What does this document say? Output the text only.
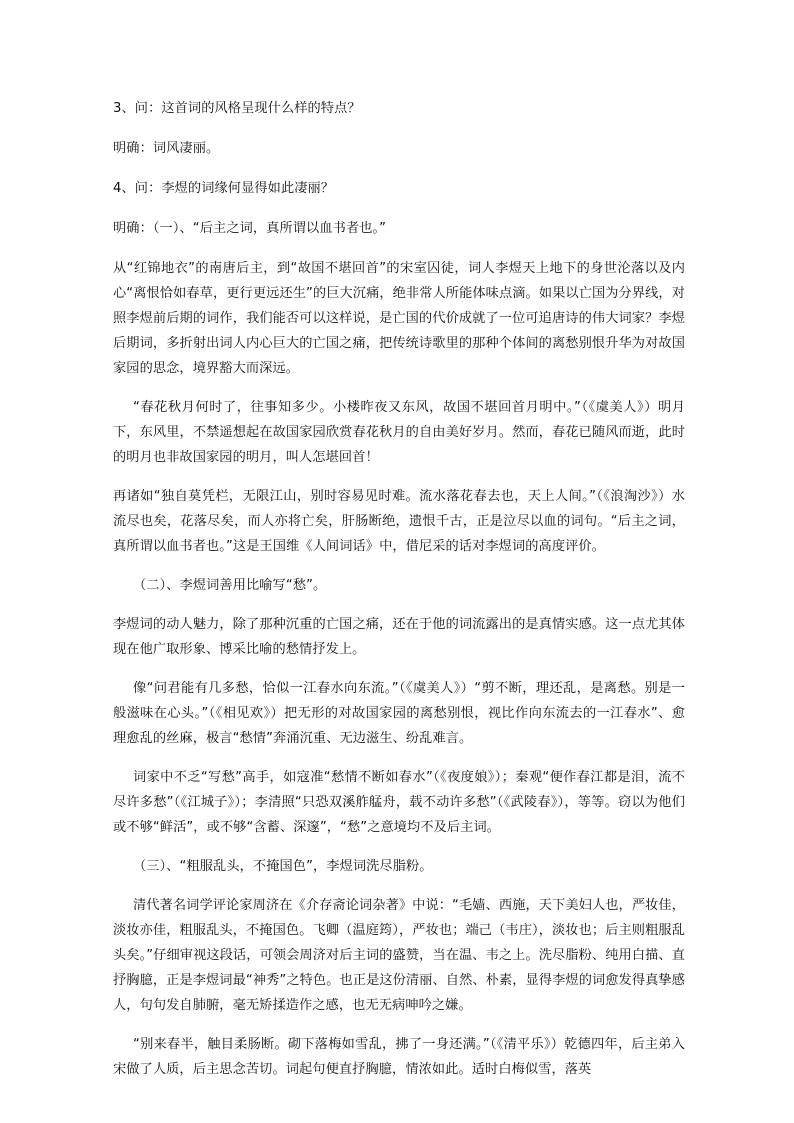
3、问：这首词的风格呈现什么样的特点？

明确：词风凄丽。

4、问：李煜的词缘何显得如此凄丽？

明确：（一）、“后主之词，真所谓以血书者也。”

从“红锦地衣”的南唐后主，到“故国不堪回首”的宋室囚徒，词人李煜天上地下的身世沦落以及内心“离恨恰如春草，更行更远还生”的巨大沉痛，绝非常人所能体味点滴。如果以亡国为分界线，对照李煜前后期的词作，我们能否可以这样说，是亡国的代价成就了一位可追唐诗的伟大词家？李煜后期词，多折射出词人内心巨大的亡国之痛，把传统诗歌里的那种个体间的离愁别恨升华为对故国家园的思念，境界豁大而深远。

“春花秋月何时了，往事知多少。小楼昨夜又东风，故国不堪回首月明中。”（《虞美人》）明月下，东风里，不禁遥想起在故国家园欣赏春花秋月的自由美好岁月。然而，春花已随风而逝，此时的明月也非故国家园的明月，叫人怎堪回首！

再诸如“独自莫凭栏，无限江山，别时容易见时难。流水落花春去也，天上人间。”（《浪淘沙》）水流尽也矣，花落尽矣，而人亦将亡矣，肝肠断绝，遗恨千古，正是泣尽以血的词句。“后主之词，真所谓以血书者也。”这是王国维《人间词话》中，借尼采的话对李煜词的高度评价。

（二）、李煜词善用比喻写“愁”。

李煜词的动人魅力，除了那种沉重的亡国之痛，还在于他的词流露出的是真情实感。这一点尤其体现在他广取形象、博采比喻的愁情抒发上。

像“问君能有几多愁，恰似一江春水向东流。”（《虞美人》）“剪不断，理还乱，是离愁。别是一般滋味在心头。”（《相见欢》）把无形的对故国家园的离愁别恨，视比作向东流去的一江春水”、愈理愈乱的丝麻，极言“愁情”奔涌沉重、无边滋生、纷乱难言。

词家中不乏“写愁”高手，如寇准“愁情不断如春水”（《夜度娘》）；秦观“便作春江都是泪，流不尽许多愁”（《江城子》）；李清照“只恐双溪舴艋舟，载不动许多愁”（《武陵春》），等等。窃以为他们或不够“鲜活”，或不够“含蓄、深邃”，“愁”之意境均不及后主词。

（三）、“粗服乱头，不掩国色”，李煜词洗尽脂粉。

清代著名词学评论家周济在《介存斋论词杂著》中说：“毛嫱、西施，天下美妇人也，严妆佳，淡妆亦佳，粗服乱头，不掩国色。飞卿（温庭筠），严妆也；端己（韦庄），淡妆也；后主则粗服乱头矣。”仔细审视这段话，可领会周济对后主词的盛赞，当在温、韦之上。洗尽脂粉、纯用白描、直抒胸臆，正是李煜词最“神秀”之特色。也正是这份清丽、自然、朴素，显得李煜的词愈发得真挚感人，句句发自肺腑，毫无矫揉造作之感，也无无病呻吟之嫌。

“别来春半，触目柔肠断。砌下落梅如雪乱，拂了一身还满。”（《清平乐》）乾德四年，后主弟入宋做了人质，后主思念苦切。词起句便直抒胸臆，情浓如此。适时白梅似雪，落英
